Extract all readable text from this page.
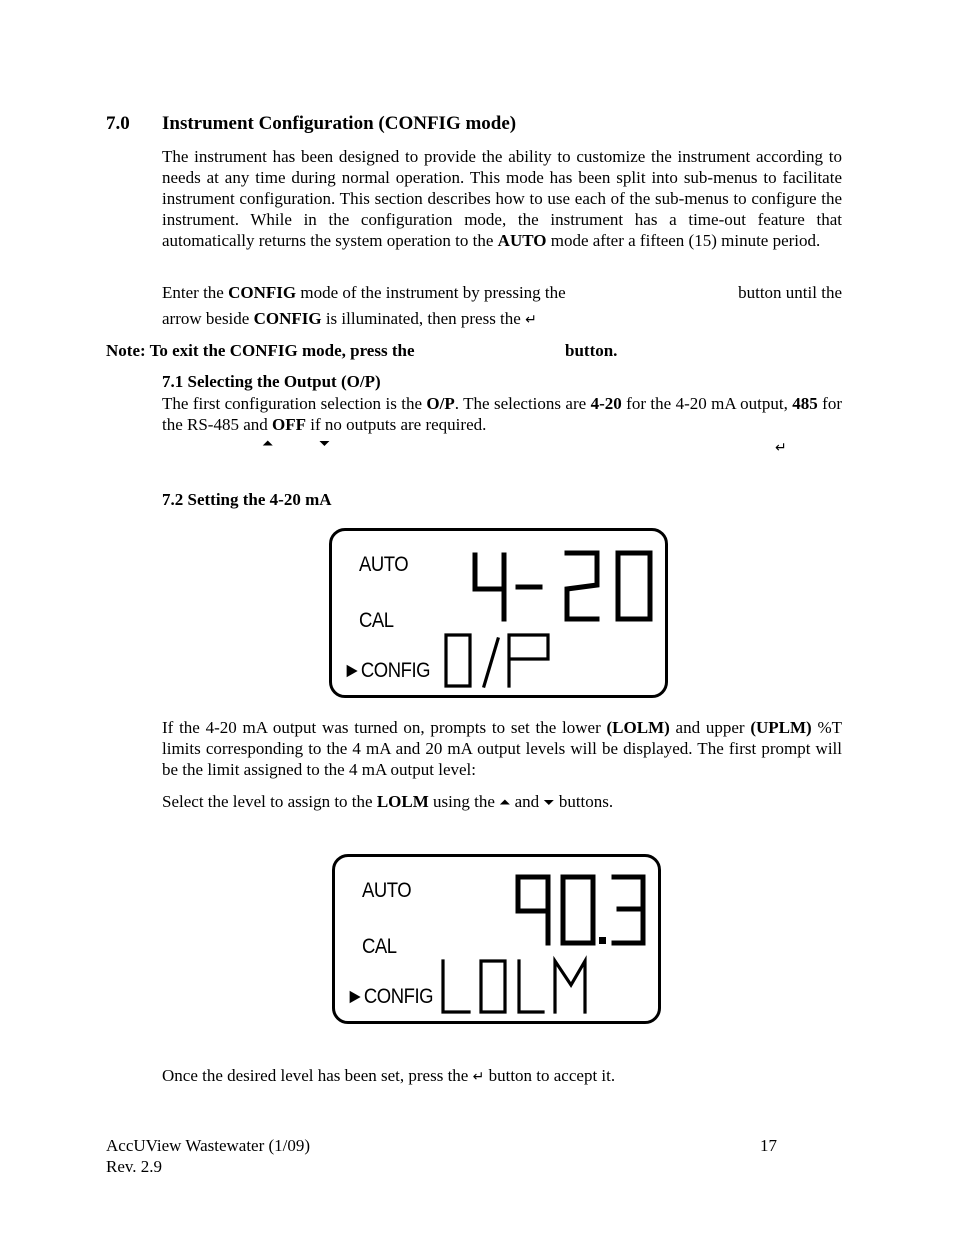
7.0 Instrument Configuration (CONFIG mode)
The instrument has been designed to provide the ability to customize the instrument according to needs at any time during normal operation. This mode has been split into sub-menus to facilitate instrument configuration. This section describes how to use each of the sub-menus to configure the instrument. While in the configuration mode, the instrument has a time-out feature that automatically returns the system operation to the AUTO mode after a fifteen (15) minute period.
Enter the CONFIG mode of the instrument by pressing the	button until the
arrow beside CONFIG is illuminated, then press the ↵
Note: To exit the CONFIG mode, press the	button.
7.1 Selecting the Output (O/P)
The first configuration selection is the O/P. The selections are 4-20 for the 4-20 mA output, 485 for the RS-485 and OFF if no outputs are required.
⏶	⏷	↵
7.2 Setting the 4-20 mA
AUTO
CAL
►CONFIG
If the 4-20 mA output was turned on, prompts to set the lower (LOLM) and upper (UPLM) %T limits corresponding to the 4 mA and 20 mA output levels will be displayed. The first prompt will be the limit assigned to the 4 mA output level:
Select the level to assign to the LOLM using the ⏶ and ⏷ buttons.
AUTO
CAL
►CONFIG
Once the desired level has been set, press the ↵ button to accept it.
AccUView Wastewater (1/09)
Rev. 2.9
17
